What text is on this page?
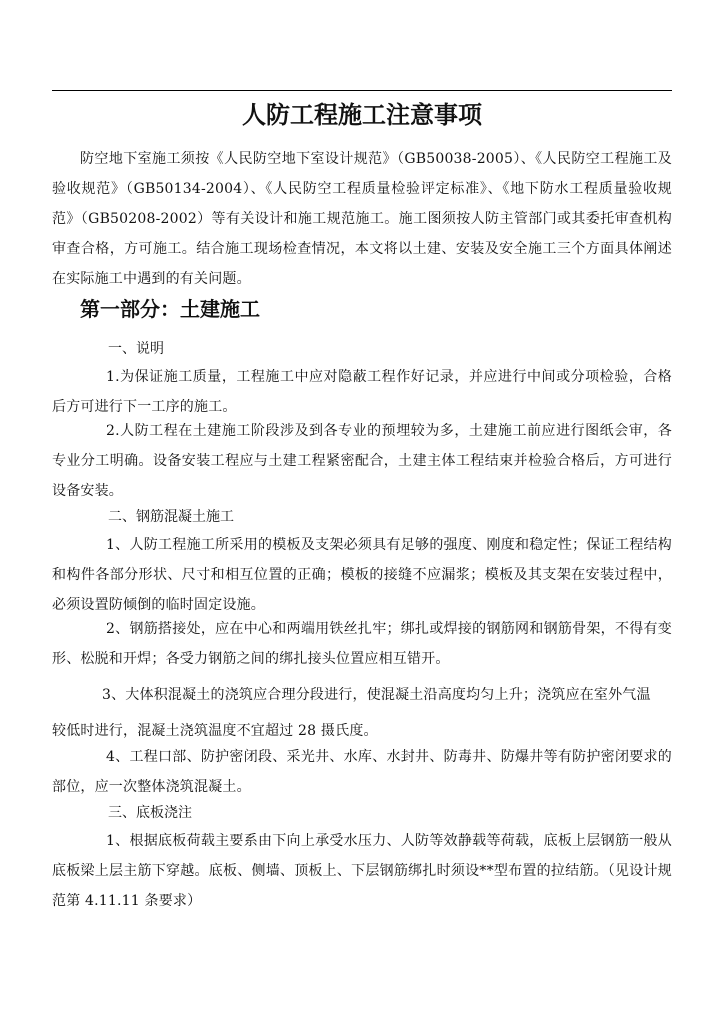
人防工程施工注意事项
防空地下室施工须按《人民防空地下室设计规范》（GB50038-2005）、《人民防空工程施工及验收规范》（GB50134-2004）、《人民防空工程质量检验评定标准》、《地下防水工程质量验收规范》（GB50208-2002）等有关设计和施工规范施工。施工图须按人防主管部门或其委托审查机构审查合格，方可施工。结合施工现场检查情况，本文将以土建、安装及安全施工三个方面具体阐述在实际施工中遇到的有关问题。
第一部分：土建施工
一、说明
1.为保证施工质量，工程施工中应对隐蔽工程作好记录，并应进行中间或分项检验，合格后方可进行下一工序的施工。
2.人防工程在土建施工阶段涉及到各专业的预埋较为多，土建施工前应进行图纸会审，各专业分工明确。设备安装工程应与土建工程紧密配合，土建主体工程结束并检验合格后，方可进行设备安装。
二、钢筋混凝土施工
1、人防工程施工所采用的模板及支架必须具有足够的强度、刚度和稳定性；保证工程结构和构件各部分形状、尺寸和相互位置的正确；模板的接缝不应漏浆；模板及其支架在安装过程中，必须设置防倾倒的临时固定设施。
2、钢筋搭接处，应在中心和两端用铁丝扎牢；绑扎或焊接的钢筋网和钢筋骨架，不得有变形、松脱和开焊；各受力钢筋之间的绑扎接头位置应相互错开。
3、大体积混凝土的浇筑应合理分段进行，使混凝土沿高度均匀上升；浇筑应在室外气温
较低时进行，混凝土浇筑温度不宜超过 28 摄氏度。
4、工程口部、防护密闭段、采光井、水库、水封井、防毒井、防爆井等有防护密闭要求的部位，应一次整体浇筑混凝土。
三、底板浇注
1、根据底板荷载主要系由下向上承受水压力、人防等效静载等荷载，底板上层钢筋一般从底板梁上层主筋下穿越。底板、侧墙、顶板上、下层钢筋绑扎时须设**型布置的拉结筋。（见设计规范第 4.11.11 条要求）
